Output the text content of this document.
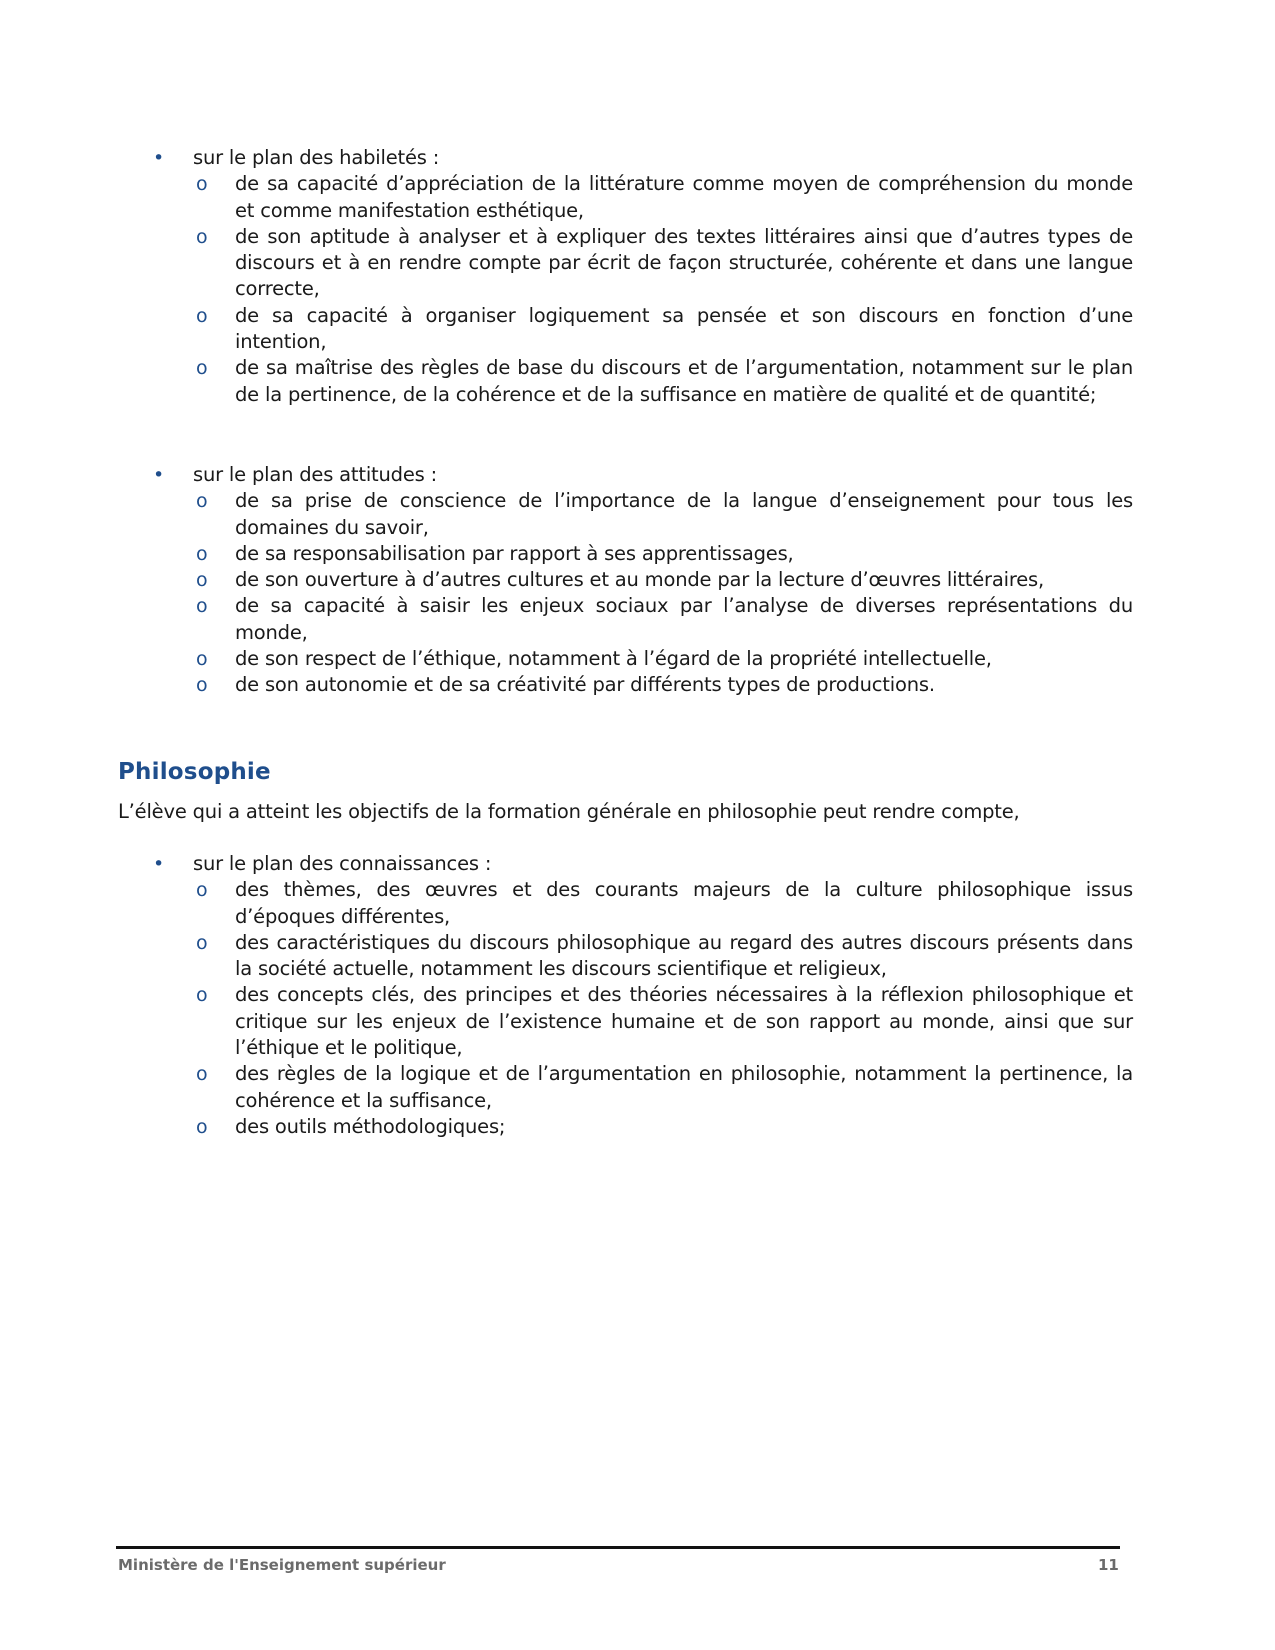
• sur le plan des habiletés :
o de sa capacité d’appréciation de la littérature comme moyen de compréhension du monde et comme manifestation esthétique,
o de son aptitude à analyser et à expliquer des textes littéraires ainsi que d’autres types de discours et à en rendre compte par écrit de façon structurée, cohérente et dans une langue correcte,
o de sa capacité à organiser logiquement sa pensée et son discours en fonction d’une intention,
o de sa maîtrise des règles de base du discours et de l’argumentation, notamment sur le plan de la pertinence, de la cohérence et de la suffisance en matière de qualité et de quantité;
• sur le plan des attitudes :
o de sa prise de conscience de l’importance de la langue d’enseignement pour tous les domaines du savoir,
o de sa responsabilisation par rapport à ses apprentissages,
o de son ouverture à d’autres cultures et au monde par la lecture d’œuvres littéraires,
o de sa capacité à saisir les enjeux sociaux par l’analyse de diverses représentations du monde,
o de son respect de l’éthique, notamment à l’égard de la propriété intellectuelle,
o de son autonomie et de sa créativité par différents types de productions.
Philosophie
L’élève qui a atteint les objectifs de la formation générale en philosophie peut rendre compte,
• sur le plan des connaissances :
o des thèmes, des œuvres et des courants majeurs de la culture philosophique issus d’époques différentes,
o des caractéristiques du discours philosophique au regard des autres discours présents dans la société actuelle, notamment les discours scientifique et religieux,
o des concepts clés, des principes et des théories nécessaires à la réflexion philosophique et critique sur les enjeux de l’existence humaine et de son rapport au monde, ainsi que sur l’éthique et le politique,
o des règles de la logique et de l’argumentation en philosophie, notamment la pertinence, la cohérence et la suffisance,
o des outils méthodologiques;
Ministère de l'Enseignement supérieur	11
